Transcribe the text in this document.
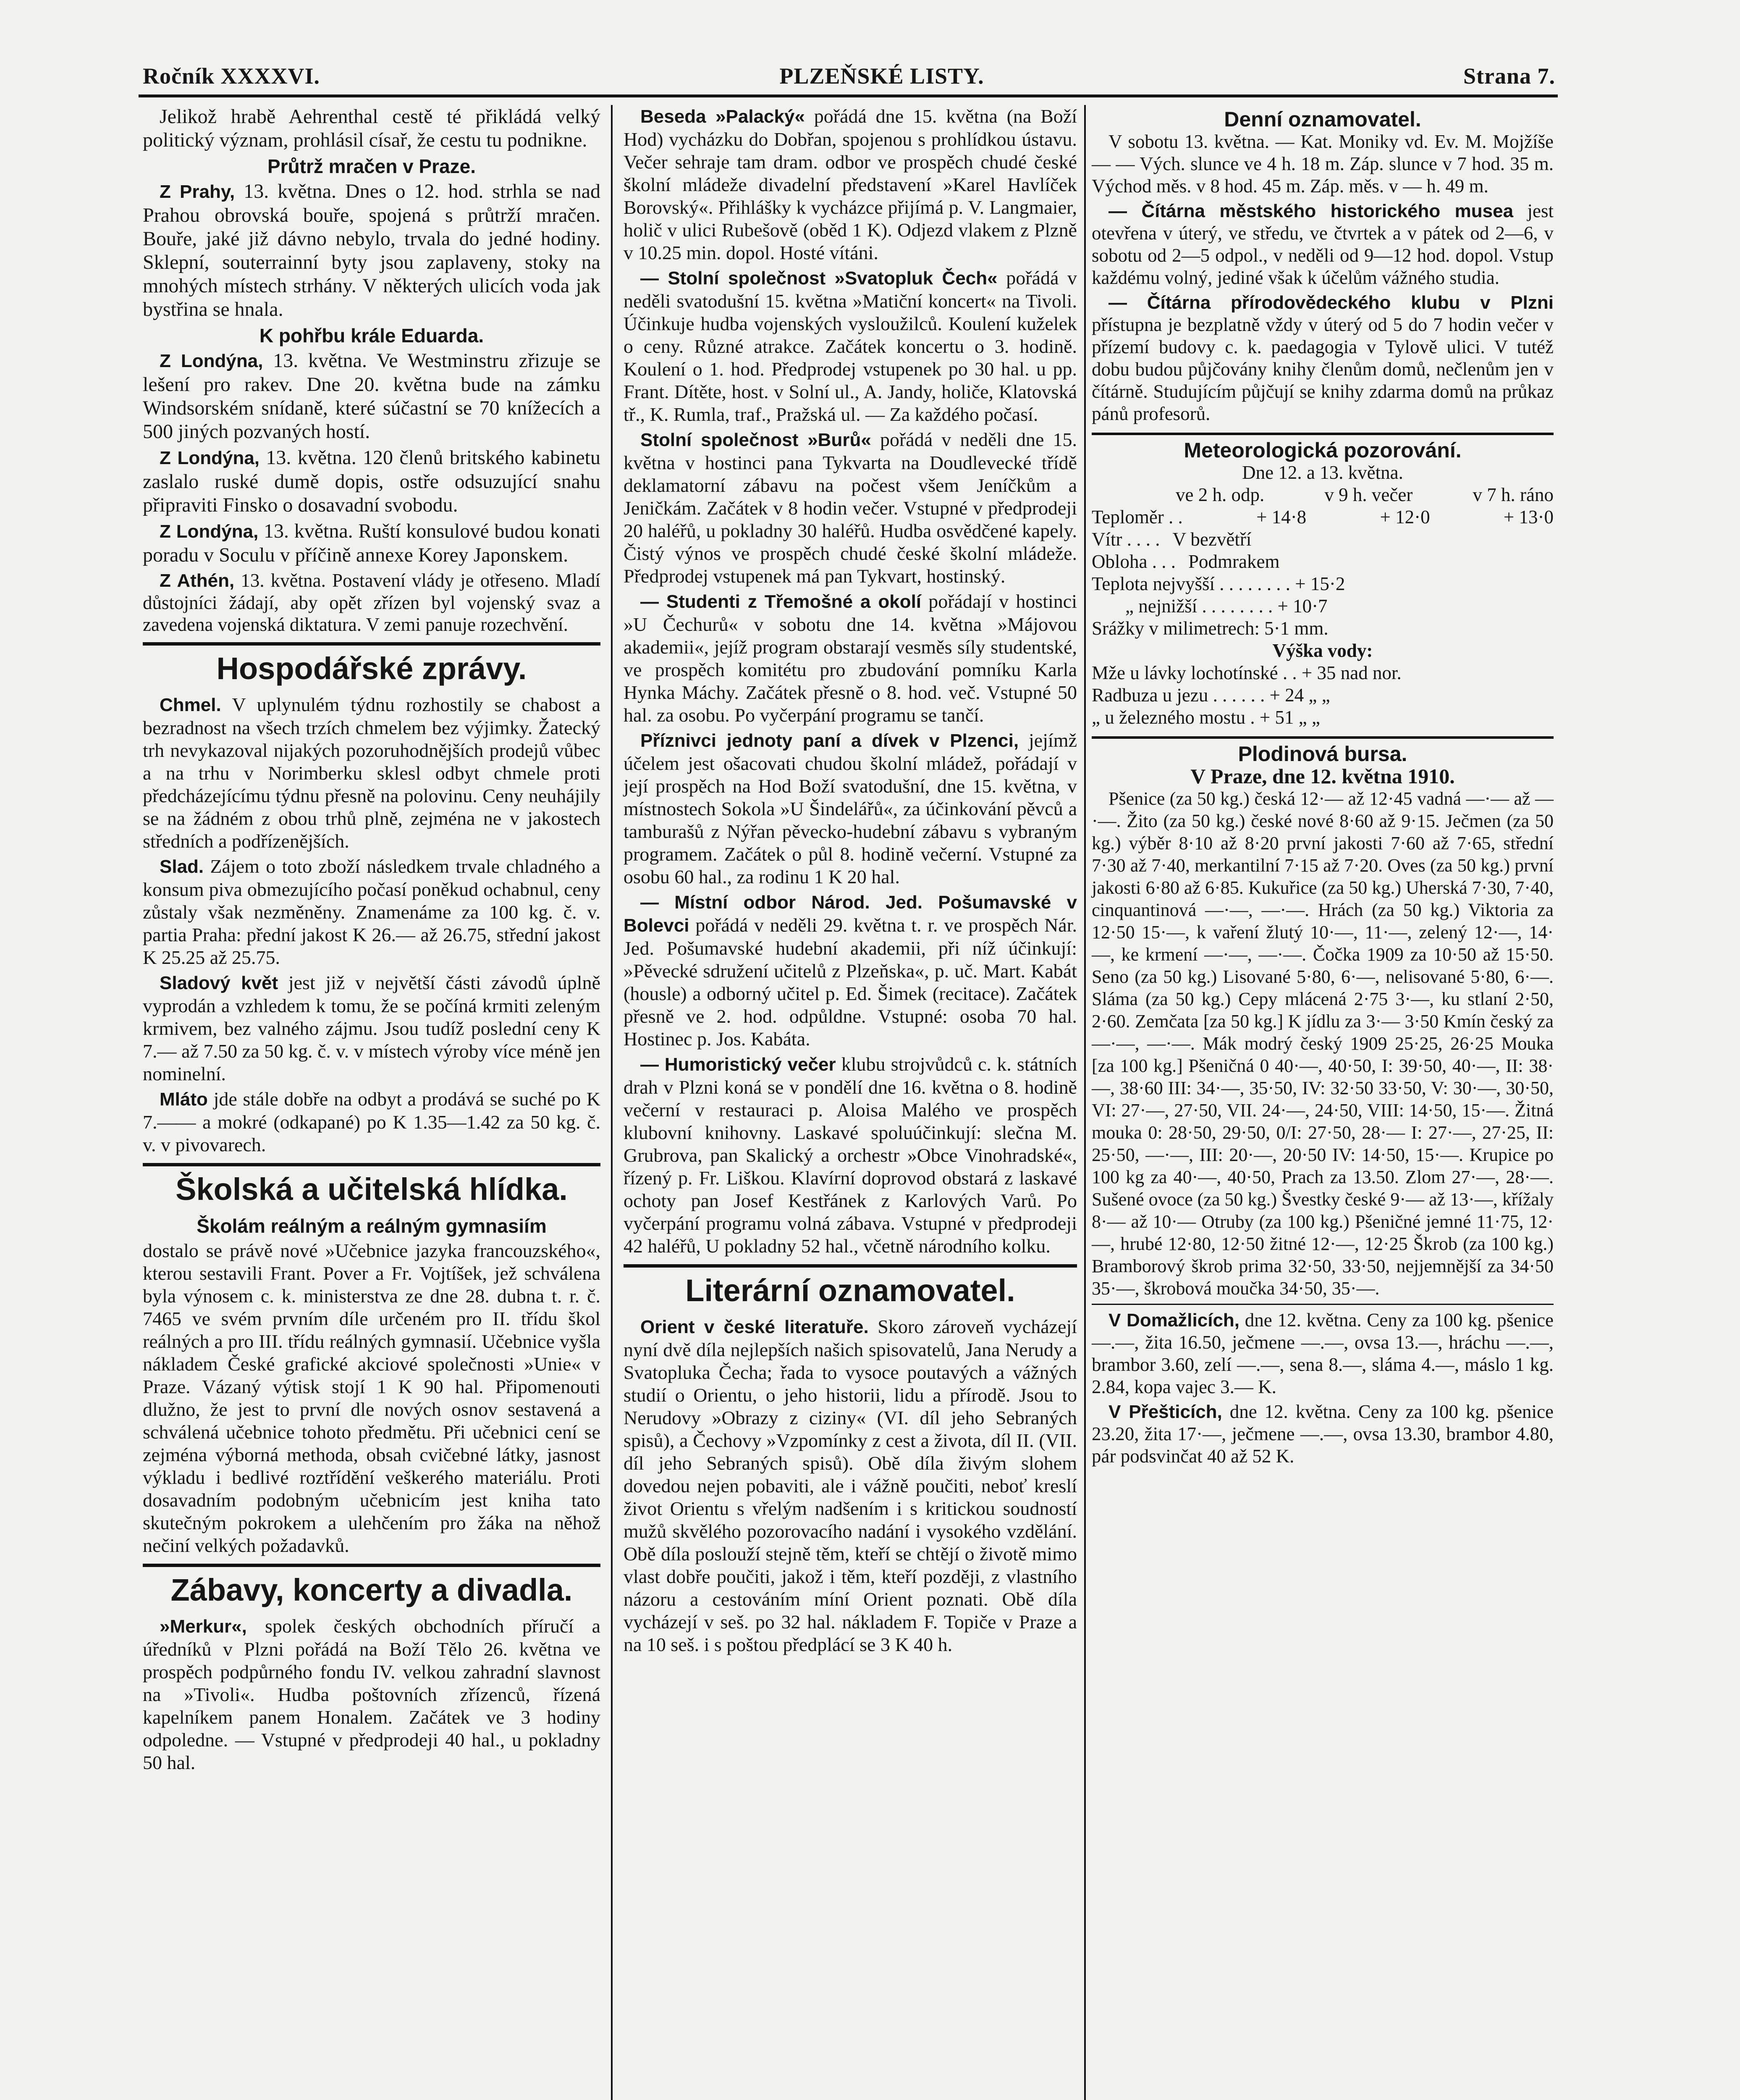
Ročník XXXXVI.	PLZEŇSKÉ LISTY.	Strana 7.

Jelikož hrabě Aehrenthal cestě té přikládá velký politický význam, prohlásil císař, že cestu tu podnikne.

Průtrž mračen v Praze.

Z Prahy, 13. května. Dnes o 12. hod. strhla se nad Prahou obrovská bouře, spojená s průtrží mračen. Bouře, jaké již dávno nebylo, trvala do jedné hodiny. Sklepní, souterrainní byty jsou zaplaveny, stoky na mnohých místech strhány. V některých ulicích voda jak bystřina se hnala.

K pohřbu krále Eduarda.

Z Londýna, 13. května. Ve Westminstru zřizuje se lešení pro rakev. Dne 20. května bude na zámku Windsorském snídaně, které súčastní se 70 knížecích a 500 jiných pozvaných hostí.

Z Londýna, 13. května. 120 členů britského kabinetu zaslalo ruské dumě dopis, ostře odsuzující snahu připraviti Finsko o dosavadní svobodu.

Z Londýna, 13. května. Ruští konsulové budou konati poradu v Soculu v příčině annexe Korey Japonskem.

Z Athén, 13. května. Postavení vlády je otřeseno. Mladí důstojníci žádají, aby opět zřízen byl vojenský svaz a zavedena vojenská diktatura. V zemi panuje rozechvění.

Hospodářské zprávy.

Chmel. V uplynulém týdnu rozhostily se chabost a bezradnost na všech trzích chmelem bez výjimky. Žatecký trh nevykazoval nijakých pozoruhodnějších prodejů vůbec a na trhu v Norimberku sklesl odbyt chmele proti předcházejícímu týdnu přesně na polovinu. Ceny neuhájily se na žádném z obou trhů plně, zejména ne v jakostech středních a podřízenějších.

Slad. Zájem o toto zboží následkem trvale chladného a konsum piva obmezujícího počasí poněkud ochabnul, ceny zůstaly však nezměněny. Znamenáme za 100 kg. č. v. partia Praha: přední jakost K 26.— až 26.75, střední jakost K 25.25 až 25.75.

Sladový květ jest již v největší části závodů úplně vyprodán a vzhledem k tomu, že se počíná krmiti zeleným krmivem, bez valného zájmu. Jsou tudíž poslední ceny K 7.— až 7.50 za 50 kg. č. v. v místech výroby více méně jen nominelní.

Mláto jde stále dobře na odbyt a prodává se suché po K 7.—— a mokré (odkapané) po K 1.35—1.42 za 50 kg. č. v. v pivovarech.

Školská a učitelská hlídka.
Školám reálným a reálným gymnasiím

dostalo se právě nové »Učebnice jazyka francouzského«, kterou sestavili Frant. Pover a Fr. Vojtíšek, jež schválena byla výnosem c. k. ministerstva ze dne 28. dubna t. r. č. 7465 ve svém prvním díle určeném pro II. třídu škol reálných a pro III. třídu reálných gymnasií. Učebnice vyšla nákladem České grafické akciové společnosti »Unie« v Praze. Vázaný výtisk stojí 1 K 90 hal. Připomenouti dlužno, že jest to první dle nových osnov sestavená a schválená učebnice tohoto předmětu. Při učebnici cení se zejména výborná methoda, obsah cvičebné látky, jasnost výkladu i bedlivé roztřídění veškerého materiálu. Proti dosavadním podobným učebnicím jest kniha tato skutečným pokrokem a ulehčením pro žáka na něhož nečiní velkých požadavků.

Zábavy, koncerty a divadla.

»Merkur«, spolek českých obchodních příručí a úředníků v Plzni pořádá na Boží Tělo 26. května ve prospěch podpůrného fondu IV. velkou zahradní slavnost na »Tivoli«. Hudba poštovních zřízenců, řízená kapelníkem panem Honalem. Začátek ve 3 hodiny odpoledne. — Vstupné v předprodeji 40 hal., u pokladny 50 hal.

Beseda »Palacký« pořádá dne 15. května (na Boží Hod) vycházku do Dobřan, spojenou s prohlídkou ústavu. Večer sehraje tam dram. odbor ve prospěch chudé české školní mládeže divadelní představení »Karel Havlíček Borovský«. Přihlášky k vycházce přijímá p. V. Langmaier, holič v ulici Rubešově (oběd 1 K). Odjezd vlakem z Plzně v 10.25 min. dopol. Hosté vítáni.

— Stolní společnost »Svatopluk Čech« pořádá v neděli svatodušní 15. května »Matiční koncert« na Tivoli. Účinkuje hudba vojenských vysloužilců. Koulení kuželek o ceny. Různé atrakce. Začátek koncertu o 3. hodině. Koulení o 1. hod. Předprodej vstupenek po 30 hal. u pp. Frant. Dítěte, host. v Solní ul., A. Jandy, holiče, Klatovská tř., K. Rumla, traf., Pražská ul. — Za každého počasí.

Stolní společnost »Burů« pořádá v neděli dne 15. května v hostinci pana Tykvarta na Doudlevecké třídě deklamatorní zábavu na počest všem Jeníčkům a Jeničkám. Začátek v 8 hodin večer. Vstupné v předprodeji 20 haléřů, u pokladny 30 haléřů. Hudba osvědčené kapely. Čistý výnos ve prospěch chudé české školní mládeže. Předprodej vstupenek má pan Tykvart, hostinský.

— Studenti z Třemošné a okolí pořádají v hostinci »U Čechurů« v sobotu dne 14. května »Májovou akademii«, jejíž program obstarají vesměs síly studentské, ve prospěch komitétu pro zbudování pomníku Karla Hynka Máchy. Začátek přesně o 8. hod. več. Vstupné 50 hal. za osobu. Po vyčerpání programu se tančí.

Příznivci jednoty paní a dívek v Plzenci, jejímž účelem jest ošacovati chudou školní mládež, pořádají v její prospěch na Hod Boží svatodušní, dne 15. května, v místnostech Sokola »U Šindelářů«, za účinkování pěvců a tamburašů z Nýřan pěvecko-hudební zábavu s vybraným programem. Začátek o půl 8. hodině večerní. Vstupné za osobu 60 hal., za rodinu 1 K 20 hal.

— Místní odbor Národ. Jed. Pošumavské v Bolevci pořádá v neděli 29. května t. r. ve prospěch Nár. Jed. Pošumavské hudební akademii, při níž účinkují: »Pěvecké sdružení učitelů z Plzeňska«, p. uč. Mart. Kabát (housle) a odborný učitel p. Ed. Šimek (recitace). Začátek přesně ve 2. hod. odpůldne. Vstupné: osoba 70 hal. Hostinec p. Jos. Kabáta.

— Humoristický večer klubu strojvůdců c. k. státních drah v Plzni koná se v pondělí dne 16. května o 8. hodině večerní v restauraci p. Aloisa Malého ve prospěch klubovní knihovny. Laskavé spoluúčinkují: slečna M. Grubrova, pan Skalický a orchestr »Obce Vinohradské«, řízený p. Fr. Liškou. Klavírní doprovod obstará z laskavé ochoty pan Josef Kestřánek z Karlových Varů. Po vyčerpání programu volná zábava. Vstupné v předprodeji 42 haléřů, U pokladny 52 hal., včetně národního kolku.

Literární oznamovatel.

Orient v české literatuře. Skoro zároveň vycházejí nyní dvě díla nejlepších našich spisovatelů, Jana Nerudy a Svatopluka Čecha; řada to vysoce poutavých a vážných studií o Orientu, o jeho historii, lidu a přírodě. Jsou to Nerudovy »Obrazy z ciziny« (VI. díl jeho Sebraných spisů), a Čechovy »Vzpomínky z cest a života, díl II. (VII. díl jeho Sebraných spisů). Obě díla živým slohem dovedou nejen pobaviti, ale i vážně poučiti, neboť kreslí život Orientu s vřelým nadšením i s kritickou soudností mužů skvělého pozorovacího nadání i vysokého vzdělání. Obě díla poslouží stejně těm, kteří se chtějí o životě mimo vlast dobře poučiti, jakož i těm, kteří později, z vlastního názoru a cestováním míní Orient poznati. Obě díla vycházejí v seš. po 32 hal. nákladem F. Topiče v Praze a na 10 seš. i s poštou předplácí se 3 K 40 h.

Denní oznamovatel.

V sobotu 13. května. — Kat. Moniky vd. Ev. M. Mojžíše — — Vých. slunce ve 4 h. 18 m. Záp. slunce v 7 hod. 35 m. Východ měs. v 8 hod. 45 m. Záp. měs. v — h. 49 m.

— Čítárna městského historického musea jest otevřena v úterý, ve středu, ve čtvrtek a v pátek od 2—6, v sobotu od 2—5 odpol., v neděli od 9—12 hod. dopol. Vstup každému volný, jediné však k účelům vážného studia.

— Čítárna přírodovědeckého klubu v Plzni přístupna je bezplatně vždy v úterý od 5 do 7 hodin večer v přízemí budovy c. k. paedagogia v Tylově ulici. V tutéž dobu budou půjčovány knihy členům domů, nečlenům jen v čítárně. Studujícím půjčují se knihy zdarma domů na průkaz pánů profesorů.

Meteorologická pozorování.
Dne 12. a 13. května.
ve 2 h. odp.	v 9 h. večer	v 7 h. ráno
Teploměr . .	+ 14·8	+ 12·0	+ 13·0
Vítr . . . . V bezvětří
Obloha . . . Podmrakem
Teplota nejvyšší . . . . . . . . + 15·2
„ nejnižší . . . . . . . . + 10·7
Srážky v milimetrech: 5·1 mm.
Výška vody:
Mže u lávky lochotínské . . + 35 nad nor.
Radbuza u jezu . . . . . . + 24 „ „
„ u železného mostu . + 51 „ „
Plodinová bursa.
V Praze, dne 12. května 1910.

Pšenice (za 50 kg.) česká 12·— až 12·45 vadná —·— až —·—. Žito (za 50 kg.) české nové 8·60 až 9·15. Ječmen (za 50 kg.) výběr 8·10 až 8·20 první jakosti 7·60 až 7·65, střední 7·30 až 7·40, merkantilní 7·15 až 7·20. Oves (za 50 kg.) první jakosti 6·80 až 6·85. Kukuřice (za 50 kg.) Uherská 7·30, 7·40, cinquantinová —·—, —·—. Hrách (za 50 kg.) Viktoria za 12·50 15·—, k vaření žlutý 10·—, 11·—, zelený 12·—, 14·—, ke krmení —·—, —·—. Čočka 1909 za 10·50 až 15·50. Seno (za 50 kg.) Lisované 5·80, 6·—, nelisované 5·80, 6·—. Sláma (za 50 kg.) Cepy mlácená 2·75 3·—, ku stlaní 2·50, 2·60. Zemčata [za 50 kg.] K jídlu za 3·— 3·50 Kmín český za —·—, —·—. Mák modrý český 1909 25·25, 26·25 Mouka [za 100 kg.] Pšeničná 0 40·—, 40·50, I: 39·50, 40·—, II: 38·—, 38·60 III: 34·—, 35·50, IV: 32·50 33·50, V: 30·—, 30·50, VI: 27·—, 27·50, VII. 24·—, 24·50, VIII: 14·50, 15·—. Žitná mouka 0: 28·50, 29·50, 0/I: 27·50, 28·— I: 27·—, 27·25, II: 25·50, —·—, III: 20·—, 20·50 IV: 14·50, 15·—. Krupice po 100 kg za 40·—, 40·50, Prach za 13.50. Zlom 27·—, 28·—. Sušené ovoce (za 50 kg.) Švestky české 9·— až 13·—, křížaly 8·— až 10·— Otruby (za 100 kg.) Pšeničné jemné 11·75, 12·—, hrubé 12·80, 12·50 žitné 12·—, 12·25 Škrob (za 100 kg.) Bramborový škrob prima 32·50, 33·50, nejjemnější za 34·50 35·—, škrobová moučka 34·50, 35·—.

V Domažlicích, dne 12. května. Ceny za 100 kg. pšenice —.—, žita 16.50, ječmene —.—, ovsa 13.—, hráchu —.—, brambor 3.60, zelí —.—, sena 8.—, sláma 4.—, máslo 1 kg. 2.84, kopa vajec 3.— K.

V Přešticích, dne 12. května. Ceny za 100 kg. pšenice 23.20, žita 17·—, ječmene —.—, ovsa 13.30, brambor 4.80, pár podsvinčat 40 až 52 K.
